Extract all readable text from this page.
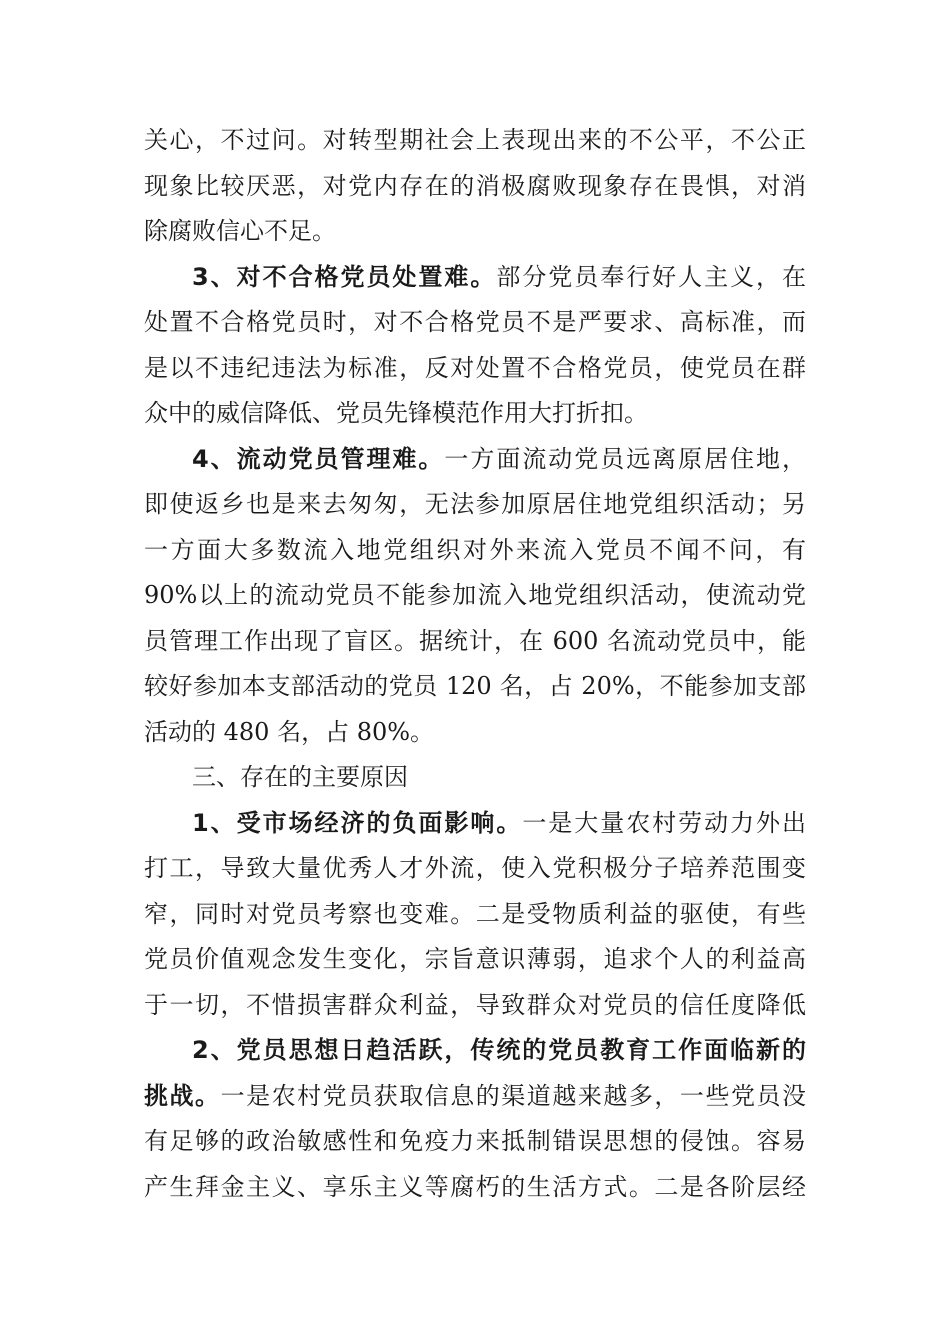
关心，不过问。对转型期社会上表现出来的不公平，不公正
现象比较厌恶，对党内存在的消极腐败现象存在畏惧，对消
除腐败信心不足。
3、对不合格党员处置难。部分党员奉行好人主义，在
处置不合格党员时，对不合格党员不是严要求、高标准，而
是以不违纪违法为标准，反对处置不合格党员，使党员在群
众中的威信降低、党员先锋模范作用大打折扣。
4、流动党员管理难。一方面流动党员远离原居住地，
即使返乡也是来去匆匆，无法参加原居住地党组织活动；另
一方面大多数流入地党组织对外来流入党员不闻不问，有
90%以上的流动党员不能参加流入地党组织活动，使流动党
员管理工作出现了盲区。据统计，在 600 名流动党员中，能
较好参加本支部活动的党员 120 名，占 20%，不能参加支部
活动的 480 名，占 80%。
三、存在的主要原因
1、受市场经济的负面影响。一是大量农村劳动力外出
打工，导致大量优秀人才外流，使入党积极分子培养范围变
窄，同时对党员考察也变难。二是受物质利益的驱使，有些
党员价值观念发生变化，宗旨意识薄弱，追求个人的利益高
于一切，不惜损害群众利益，导致群众对党员的信任度降低
2、党员思想日趋活跃，传统的党员教育工作面临新的
挑战。一是农村党员获取信息的渠道越来越多，一些党员没
有足够的政治敏感性和免疫力来抵制错误思想的侵蚀。容易
产生拜金主义、享乐主义等腐朽的生活方式。二是各阶层经
